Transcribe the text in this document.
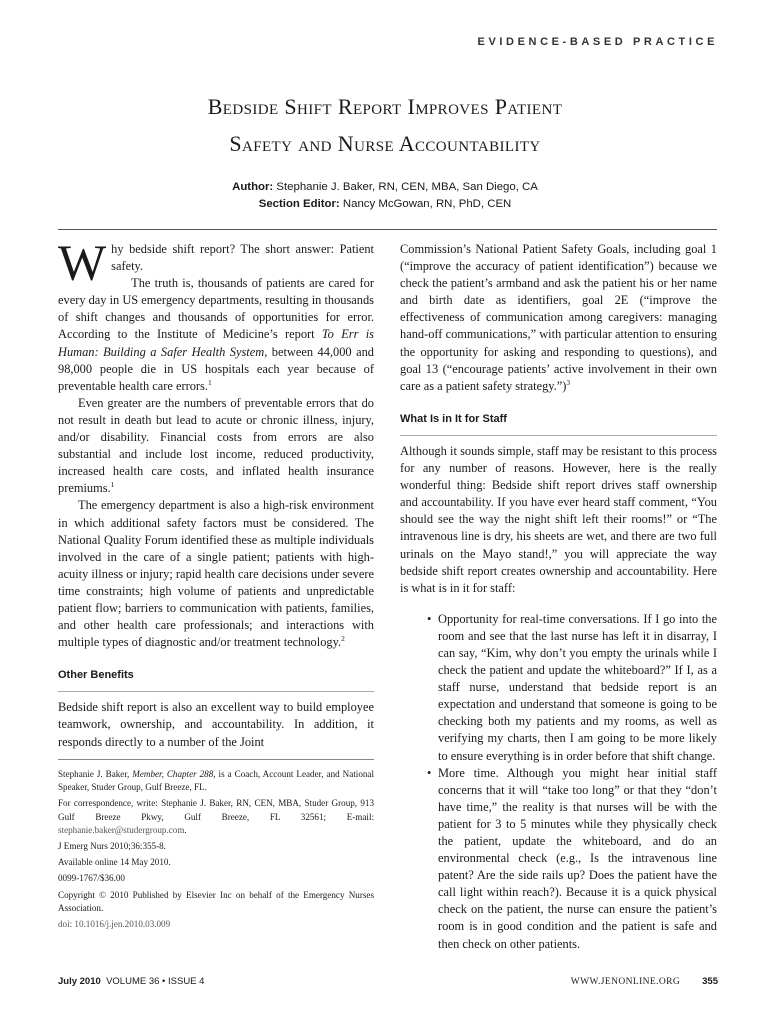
EVIDENCE-BASED PRACTICE
Bedside Shift Report Improves Patient
Safety and Nurse Accountability
Author: Stephanie J. Baker, RN, CEN, MBA, San Diego, CA
Section Editor: Nancy McGowan, RN, PhD, CEN

Why bedside shift report? The short answer: Patient safety.

The truth is, thousands of patients are cared for every day in US emergency departments, resulting in thousands of shift changes and thousands of opportunities for error. According to the Institute of Medicine’s report To Err is Human: Building a Safer Health System, between 44,000 and 98,000 people die in US hospitals each year because of preventable health care errors.$^1$

Even greater are the numbers of preventable errors that do not result in death but lead to acute or chronic illness, injury, and/or disability. Financial costs from errors are also substantial and include lost income, reduced productivity, increased health care costs, and inflated health insurance premiums.$^1$

The emergency department is also a high-risk environment in which additional safety factors must be considered. The National Quality Forum identified these as multiple individuals involved in the care of a single patient; patients with high-acuity illness or injury; rapid health care decisions under severe time constraints; high volume of patients and unpredictable patient flow; barriers to communication with patients, families, and other health care professionals; and interactions with multiple types of diagnostic and/or treatment technology.$^2$

Other Benefits

Bedside shift report is also an excellent way to build employee teamwork, ownership, and accountability. In addition, it responds directly to a number of the Joint

Commission’s National Patient Safety Goals, including goal 1 (“improve the accuracy of patient identification”) because we check the patient’s armband and ask the patient his or her name and birth date as identifiers, goal 2E (“improve the effectiveness of communication among caregivers: managing hand-off communications,” with particular attention to ensuring the opportunity for asking and responding to questions), and goal 13 (“encourage patients’ active involvement in their own care as a patient safety strategy.”)$^3$

What Is in It for Staff

Although it sounds simple, staff may be resistant to this process for any number of reasons. However, here is the really wonderful thing: Bedside shift report drives staff ownership and accountability. If you have ever heard staff comment, “You should see the way the night shift left their rooms!” or “The intravenous line is dry, his sheets are wet, and there are two full urinals on the Mayo stand!,” you will appreciate the way bedside shift report creates ownership and accountability. Here is what is in it for staff:

• Opportunity for real-time conversations. If I go into the room and see that the last nurse has left it in disarray, I can say, “Kim, why don’t you empty the urinals while I check the patient and update the whiteboard?” If I, as a staff nurse, understand that bedside report is an expectation and understand that someone is going to be checking both my patients and my rooms, as well as verifying my charts, then I am going to be more likely to ensure everything is in order before that shift change.
• More time. Although you might hear initial staff concerns that it will “take too long” or that they “don’t have time,” the reality is that nurses will be with the patient for 3 to 5 minutes while they physically check the patient, update the whiteboard, and do an environmental check (e.g., Is the intravenous line patent? Are the side rails up? Does the patient have the call light within reach?). Because it is a quick physical check on the patient, the nurse can ensure the patient’s room is in good condition and the patient is safe and then check on other patients.

Stephanie J. Baker, Member, Chapter 288, is a Coach, Account Leader, and National Speaker, Studer Group, Gulf Breeze, FL.

For correspondence, write: Stephanie J. Baker, RN, CEN, MBA, Studer Group, 913 Gulf Breeze Pkwy, Gulf Breeze, FL 32561; E-mail: stephanie.baker@studergroup.com.

J Emerg Nurs 2010;36:355-8.

Available online 14 May 2010.

0099-1767/$36.00

Copyright © 2010 Published by Elsevier Inc on behalf of the Emergency Nurses Association.

doi: 10.1016/j.jen.2010.03.009

July 2010 VOLUME 36 • ISSUE 4	WWW.JENONLINE.ORG 355
